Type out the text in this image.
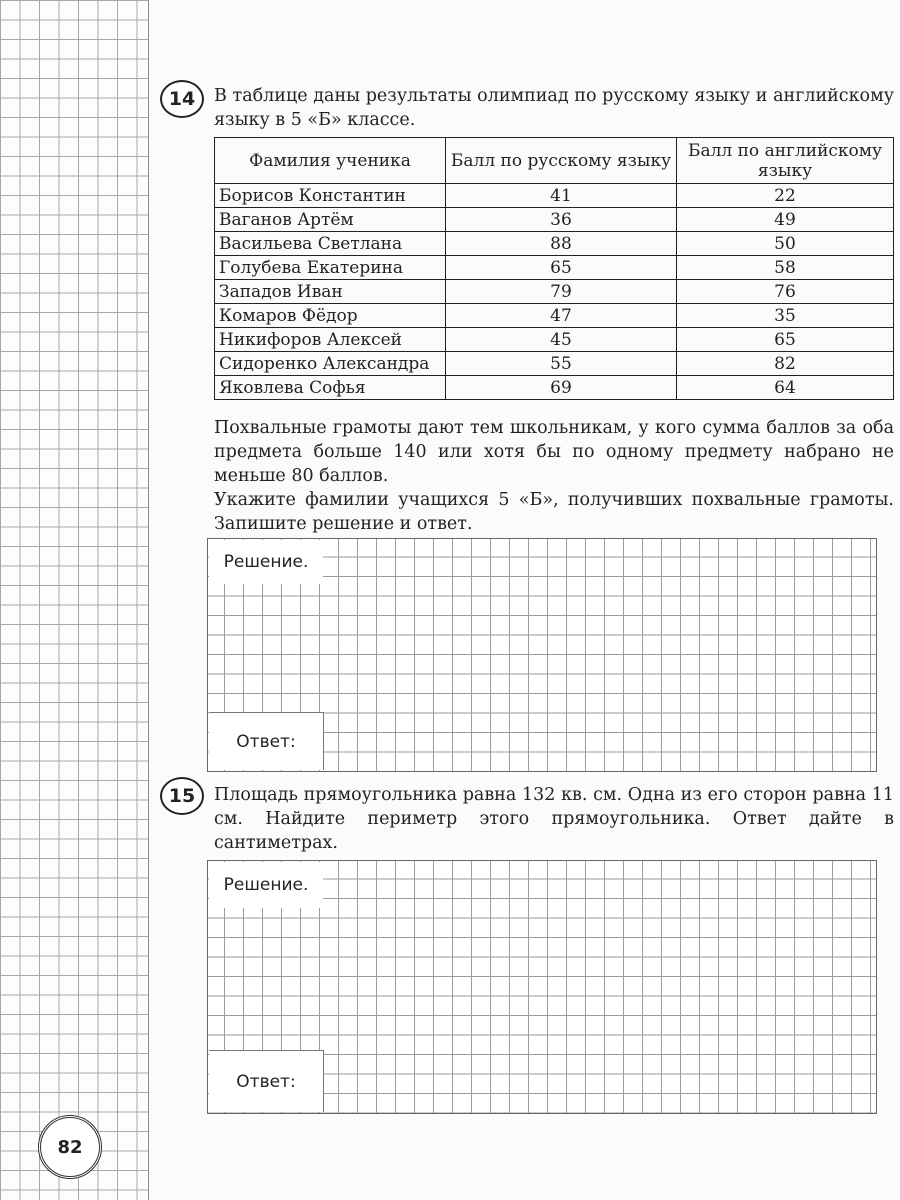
82
14	В таблице даны результаты олимпиад по русскому языку и английскому языку в 5 «Б» классе.
Фамилия ученика	Балл по русскому языку	Балл по английскому языку
Борисов Константин	41	22
Ваганов Артём	36	49
Васильева Светлана	88	50
Голубева Екатерина	65	58
Западов Иван	79	76
Комаров Фёдор	47	35
Никифоров Алексей	45	65
Сидоренко Александра	55	82
Яковлева Софья	69	64
Похвальные грамоты дают тем школьникам, у кого сумма баллов за оба предмета больше 140 или хотя бы по одному предмету набрано не меньше 80 баллов.
Укажите фамилии учащихся 5 «Б», получивших похвальные грамоты. Запишите решение и ответ.
Решение.
Ответ:
15	Площадь прямоугольника равна 132 кв. см. Одна из его сторон равна 11 см. Найдите периметр этого прямоугольника. Ответ дайте в сантиметрах.
Решение.
Ответ:
